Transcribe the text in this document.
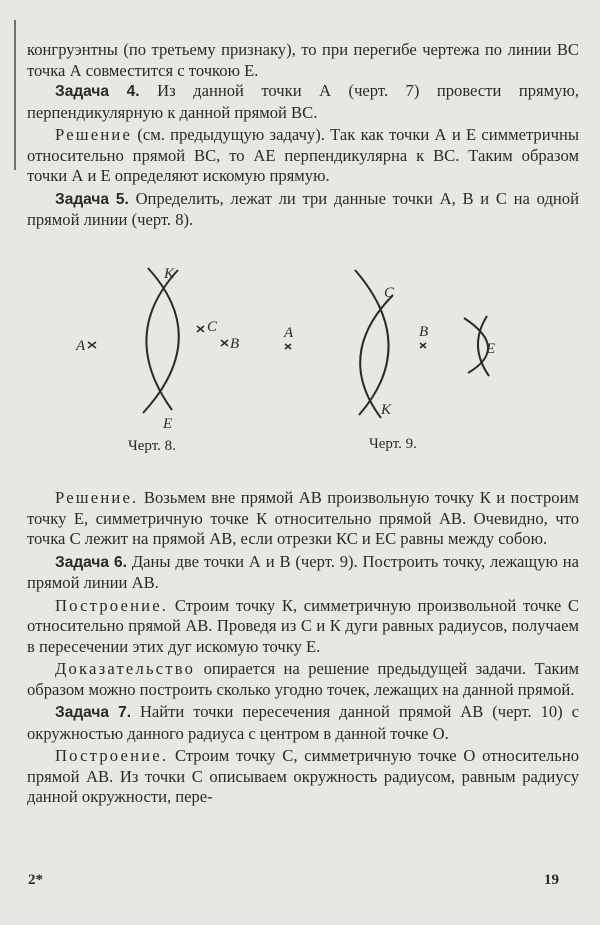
конгруэнтны (по третьему признаку), то при перегибе чертежа по линии ВС точка А совместится с точкою Е.

Задача 4. Из данной точки А (черт. 7) провести прямую, перпендикулярную к данной прямой ВС.

Решение (см. предыдущую задачу). Так как точки А и Е симметричны относительно прямой ВС, то АЕ перпендикулярна к ВС. Таким образом точки А и Е определяют искомую прямую.

Задача 5. Определить, лежат ли три данные точки А, В и С на одной прямой линии (черт. 8).

K
E
A
C
B
A
C
K
B
E
Черт. 8.	Черт. 9.

Решение. Возьмем вне прямой АВ произвольную точку К и построим точку Е, симметричную точке К относительно прямой АВ. Очевидно, что точка С лежит на прямой АВ, если отрезки КС и ЕС равны между собою.

Задача 6. Даны две точки А и В (черт. 9). Построить точку, лежащую на прямой линии АВ.

Построение. Строим точку К, симметричную произвольной точке С относительно прямой АВ. Проведя из С и К дуги равных радиусов, получаем в пересечении этих дуг искомую точку Е.

Доказательство опирается на решение предыдущей задачи. Таким образом можно построить сколько угодно точек, лежащих на данной прямой.

Задача 7. Найти точки пересечения данной прямой АВ (черт. 10) с окружностью данного радиуса с центром в данной точке О.

Построение. Строим точку С, симметричную точке О относительно прямой АВ. Из точки С описываем окружность радиусом, равным радиусу данной окружности, пере-

2*	19
